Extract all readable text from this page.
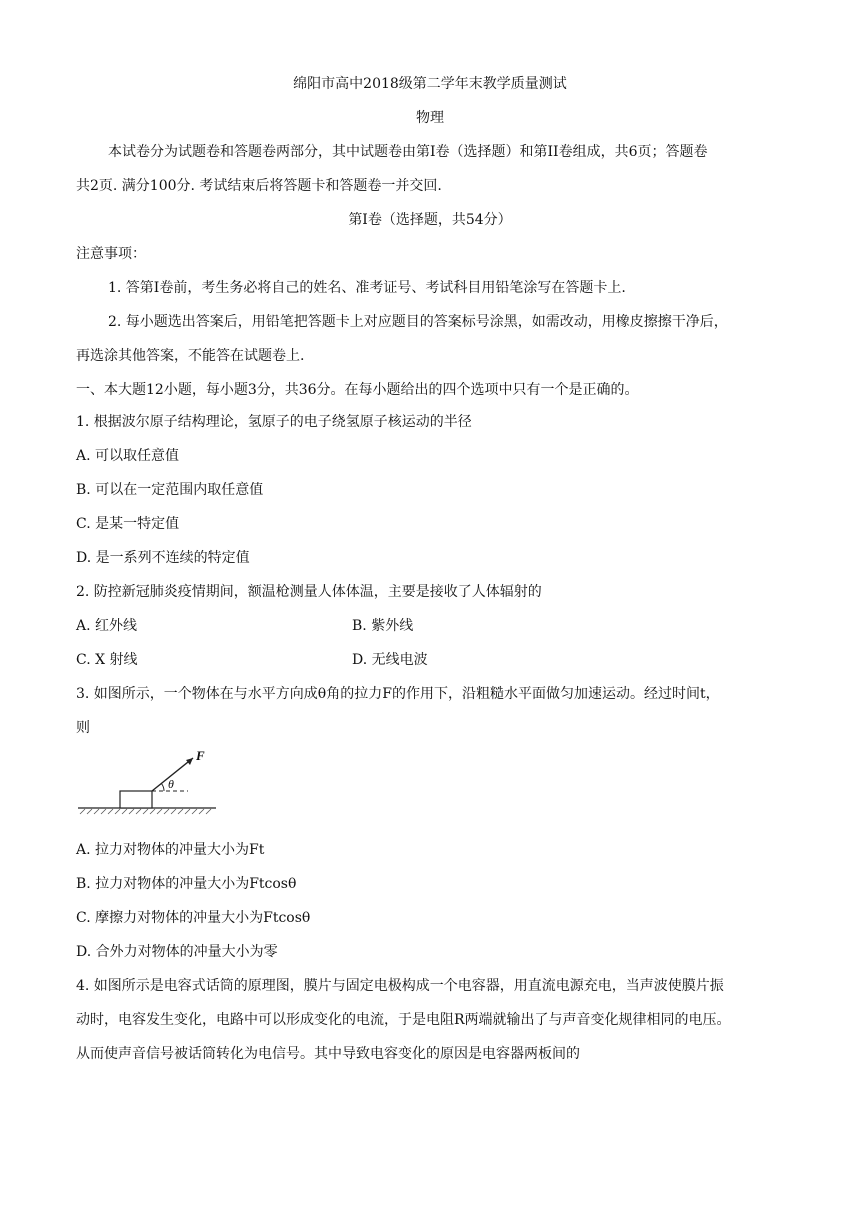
绵阳市高中2018级第二学年末教学质量测试
物理
本试卷分为试题卷和答题卷两部分，其中试题卷由第I卷（选择题）和第II卷组成，共6页；答题卷
共2页. 满分100分. 考试结束后将答题卡和答题卷一并交回.
第I卷（选择题，共54分）
注意事项：
1. 答第I卷前，考生务必将自己的姓名、准考证号、考试科目用铅笔涂写在答题卡上.
2. 每小题选出答案后，用铅笔把答题卡上对应题目的答案标号涂黑，如需改动，用橡皮擦擦干净后，
再选涂其他答案，不能答在试题卷上.
一、本大题12小题，每小题3分，共36分。在每小题给出的四个选项中只有一个是正确的。
1. 根据波尔原子结构理论，氢原子的电子绕氢原子核运动的半径
A. 可以取任意值
B. 可以在一定范围内取任意值
C. 是某一特定值
D. 是一系列不连续的特定值
2. 防控新冠肺炎疫情期间，额温枪测量人体体温，主要是接收了人体辐射的
A. 红外线	B. 紫外线
C. X 射线	D. 无线电波
3. 如图所示，一个物体在与水平方向成θ角的拉力F的作用下，沿粗糙水平面做匀加速运动。经过时间t，
则
F
θ
A. 拉力对物体的冲量大小为Ft
B. 拉力对物体的冲量大小为Ftcosθ
C. 摩擦力对物体的冲量大小为Ftcosθ
D. 合外力对物体的冲量大小为零
4. 如图所示是电容式话筒的原理图，膜片与固定电极构成一个电容器，用直流电源充电，当声波使膜片振
动时，电容发生变化，电路中可以形成变化的电流，于是电阻R两端就输出了与声音变化规律相同的电压。
从而使声音信号被话筒转化为电信号。其中导致电容变化的原因是电容器两板间的
